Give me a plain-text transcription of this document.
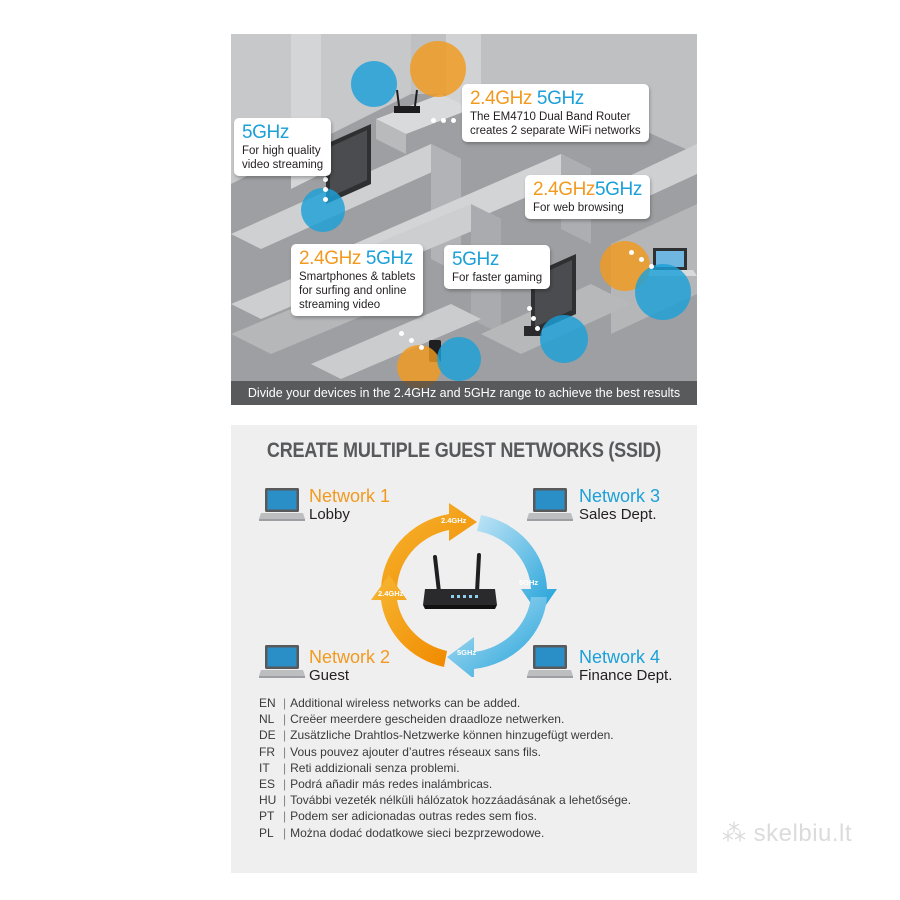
2.4GHz 5GHz
The EM4710 Dual Band Router
creates 2 separate WiFi networks
5GHz
For high quality
video streaming
2.4GHz5GHz
For web browsing
2.4GHz 5GHz
Smartphones & tablets
for surfing and online
streaming video
5GHz
For faster gaming
Divide your devices in the 2.4GHz and 5GHz range to achieve the best results
CREATE MULTIPLE GUEST NETWORKS (SSID)
2.4GHz
5GHz
5GHz
2.4GHz
Network 1
Lobby
Network 3
Sales Dept.
Network 2
Guest
Network 4
Finance Dept.
EN | Additional wireless networks can be added.
NL | Creëer meerdere gescheiden draadloze netwerken.
DE | Zusätzliche Drahtlos-Netzwerke können hinzugefügt werden.
FR | Vous pouvez ajouter d’autres réseaux sans fils.
IT | Reti addizionali senza problemi.
ES | Podrá añadir más redes inalámbricas.
HU | További vezeték nélküli hálózatok hozzáadásának a lehetősége.
PT | Podem ser adicionadas outras redes sem fios.
PL | Można dodać dodatkowe sieci bezprzewodowe.	⁂ skelbiu.lt
